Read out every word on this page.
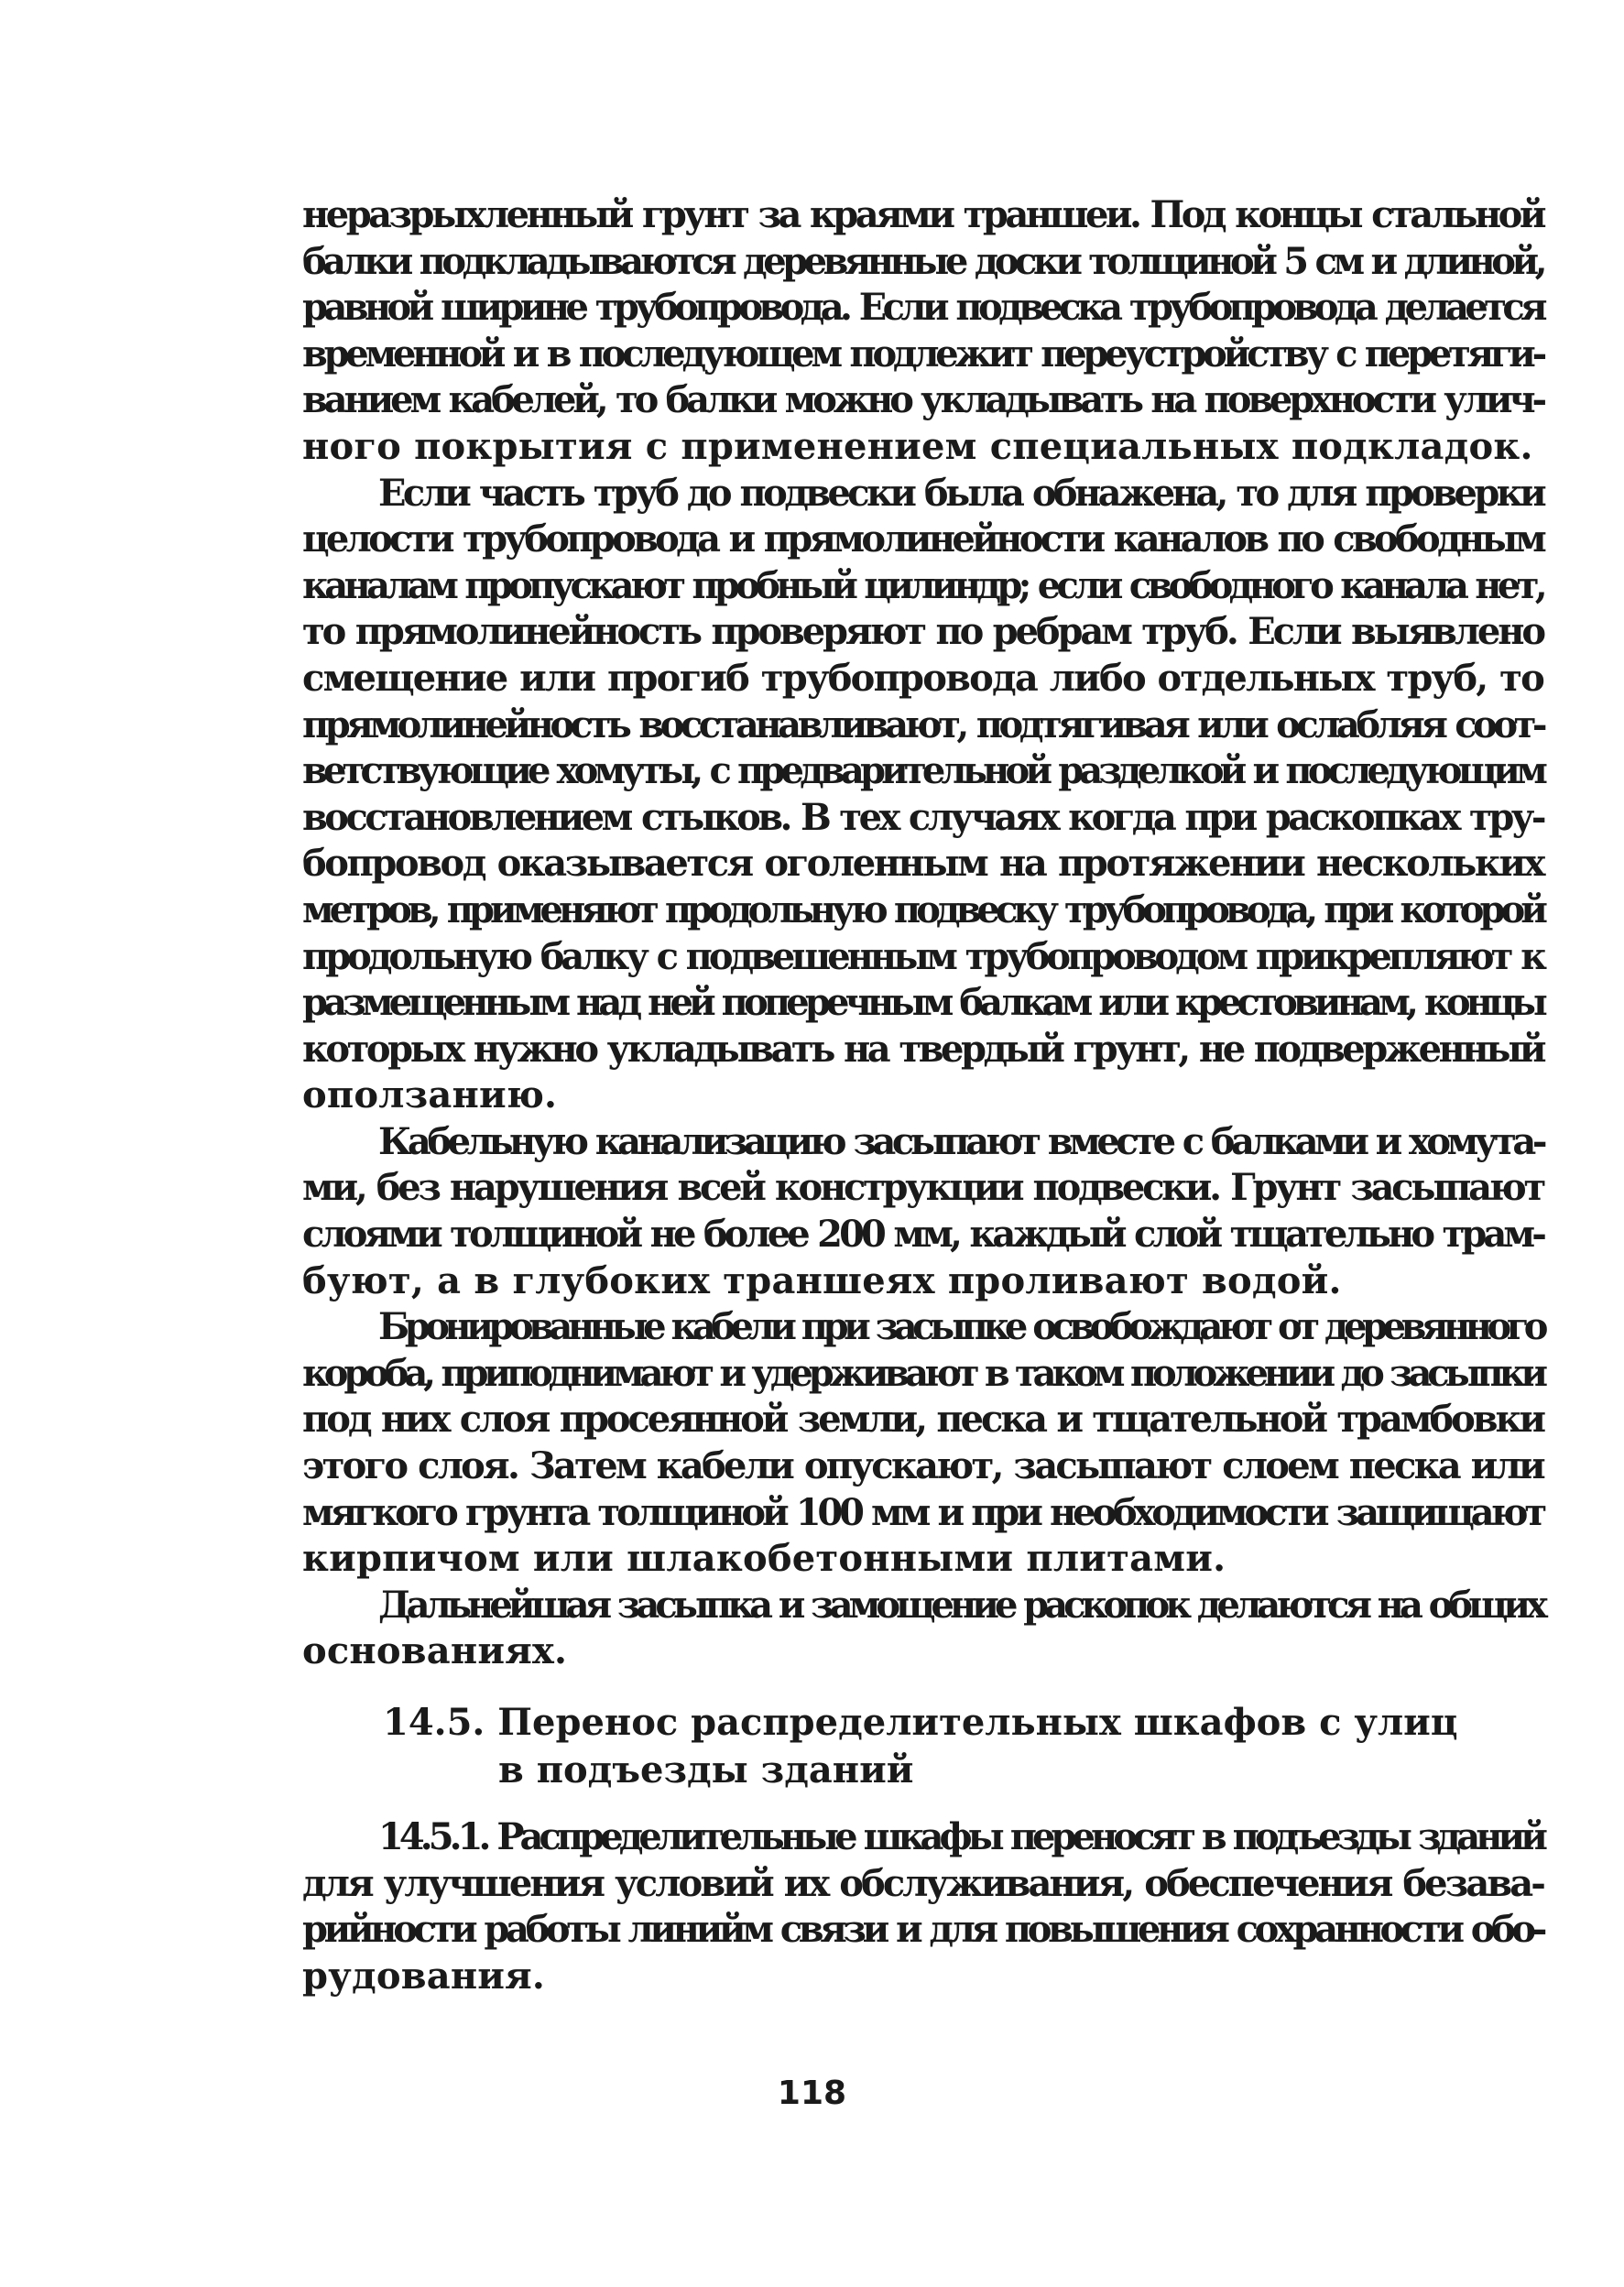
неразрыхленный грунт за краями траншеи. Под концы стальной
балки подкладываются деревянные доски толщиной 5 см и длиной,
равной ширине трубопровода. Если подвеска трубопровода делается
временной и в последующем подлежит переустройству с перетяги-
ванием кабелей, то балки можно укладывать на поверхности улич-
ного покрытия с применением специальных подкладок.
Если часть труб до подвески была обнажена, то для проверки
целости трубопровода и прямолинейности каналов по свободным
каналам пропускают пробный цилиндр; если свободного канала нет,
то прямолинейность проверяют по ребрам труб. Если выявлено
смещение или прогиб трубопровода либо отдельных труб, то
прямолинейность восстанавливают, подтягивая или ослабляя соот-
ветствующие хомуты, с предварительной разделкой и последующим
восстановлением стыков. В тех случаях когда при раскопках тру-
бопровод оказывается оголенным на протяжении нескольких
метров, применяют продольную подвеску трубопровода, при которой
продольную балку с подвешенным трубопроводом прикрепляют к
размещенным над ней поперечным балкам или крестовинам, концы
которых нужно укладывать на твердый грунт, не подверженный
оползанию.
Кабельную канализацию засыпают вместе с балками и хомута-
ми, без нарушения всей конструкции подвески. Грунт засыпают
слоями толщиной не более 200 мм, каждый слой тщательно трам-
буют, а в глубоких траншеях проливают водой.
Бронированные кабели при засыпке освобождают от деревянного
короба, приподнимают и удерживают в таком положении до засыпки
под них слоя просеянной земли, песка и тщательной трамбовки
этого слоя. Затем кабели опускают, засыпают слоем песка или
мягкого грунта толщиной 100 мм и при необходимости защищают
кирпичом или шлакобетонными плитами.
Дальнейшая засыпка и замощение раскопок делаются на общих
основаниях.
14.5. Перенос распределительных шкафов с улиц
в подъезды зданий
14.5.1. Распределительные шкафы переносят в подъезды зданий
для улучшения условий их обслуживания, обеспечения безава-
рийности работы линийм связи и для повышения сохранности обо-
рудования.
118
